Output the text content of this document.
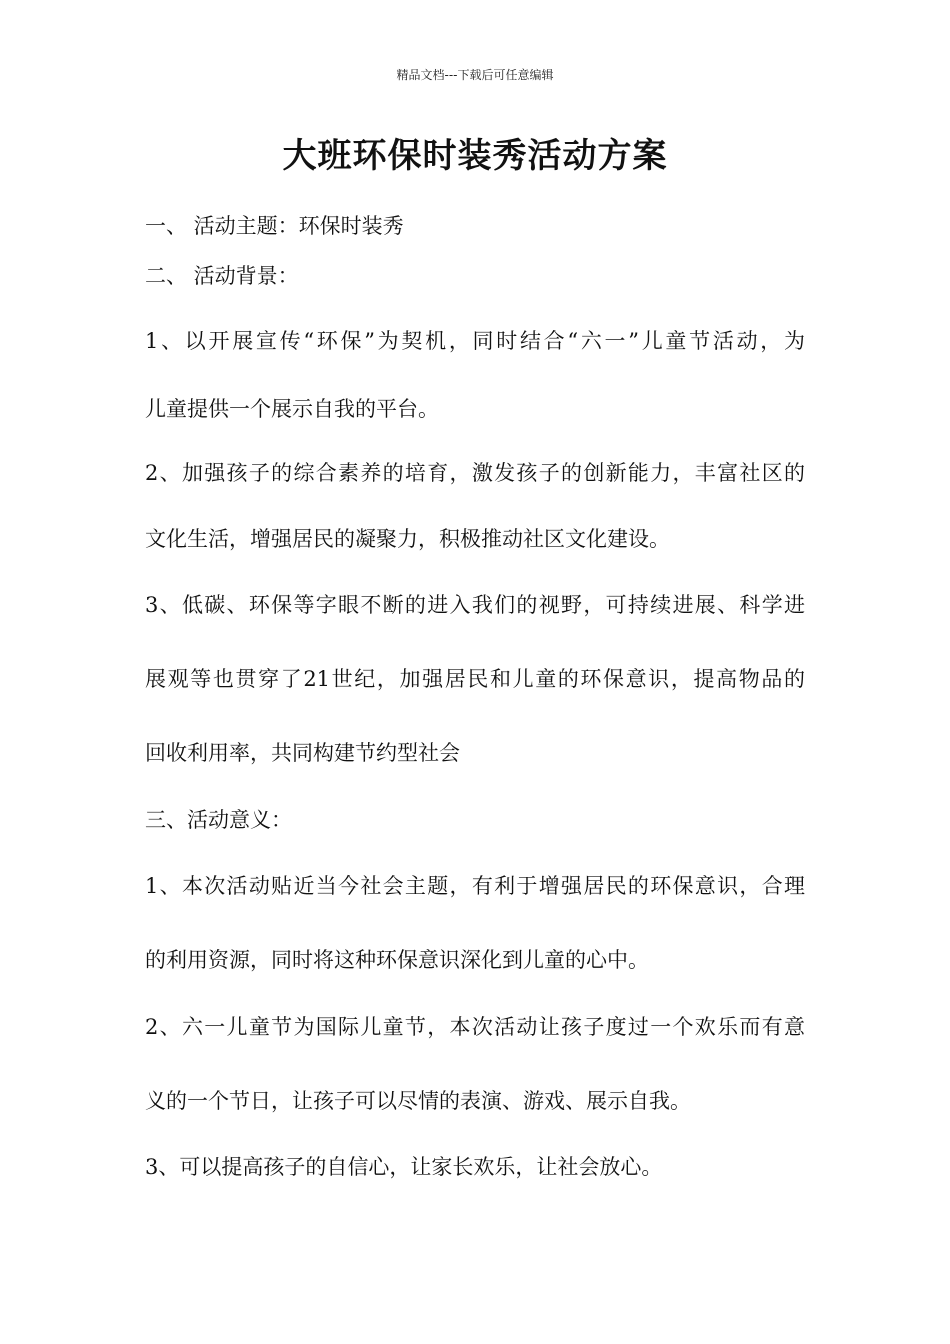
精品文档---下载后可任意编辑
大班环保时装秀活动方案
一、 活动主题：环保时装秀
二、 活动背景：
1、以开展宣传“环保”为契机，同时结合“六一”儿童节活动，为
儿童提供一个展示自我的平台。
2、加强孩子的综合素养的培育，激发孩子的创新能力，丰富社区的
文化生活，增强居民的凝聚力，积极推动社区文化建设。
3、低碳、环保等字眼不断的进入我们的视野，可持续进展、科学进
展观等也贯穿了21世纪，加强居民和儿童的环保意识，提高物品的
回收利用率，共同构建节约型社会
三、活动意义：
1、本次活动贴近当今社会主题，有利于增强居民的环保意识，合理
的利用资源，同时将这种环保意识深化到儿童的心中。
2、六一儿童节为国际儿童节，本次活动让孩子度过一个欢乐而有意
义的一个节日，让孩子可以尽情的表演、游戏、展示自我。
3、可以提高孩子的自信心，让家长欢乐，让社会放心。
